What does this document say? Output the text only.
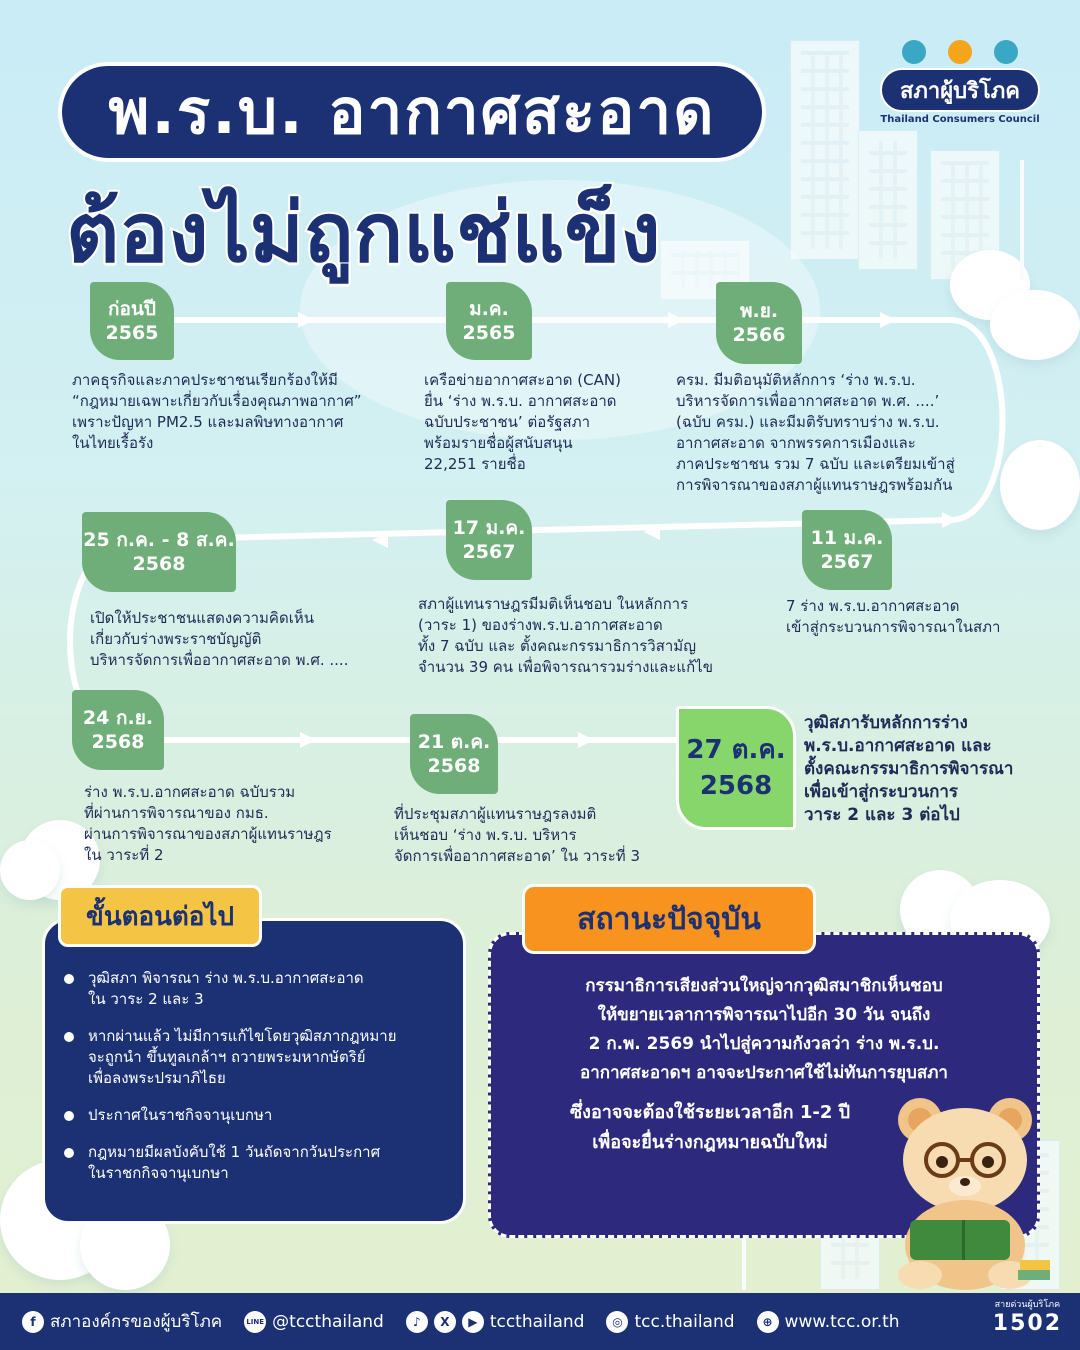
พ.ร.บ. อากาศสะอาด
ต้องไม่ถูกแช่แข็ง
สภาผู้บริโภค
Thailand Consumers Council
ก่อนปี
2565
ภาคธุรกิจและภาคประชาชนเรียกร้องให้มี
“กฎหมายเฉพาะเกี่ยวกับเรื่องคุณภาพอากาศ”
เพราะปัญหา PM2.5 และมลพิษทางอากาศ
ในไทยเรื้อรัง
ม.ค.
2565
เครือข่ายอากาศสะอาด (CAN)
ยื่น ‘ร่าง พ.ร.บ. อากาศสะอาด
ฉบับประชาชน’ ต่อรัฐสภา
พร้อมรายชื่อผู้สนับสนุน
22,251 รายชื่อ
พ.ย.
2566
ครม. มีมติอนุมัติหลักการ ‘ร่าง พ.ร.บ.
บริหารจัดการเพื่ออากาศสะอาด พ.ศ. ....’
(ฉบับ ครม.) และมีมติรับทราบร่าง พ.ร.บ.
อากาศสะอาด จากพรรคการเมืองและ
ภาคประชาชน รวม 7 ฉบับ และเตรียมเข้าสู่
การพิจารณาของสภาผู้แทนราษฎรพร้อมกัน
11 ม.ค.
2567
7 ร่าง พ.ร.บ.อากาศสะอาด
เข้าสู่กระบวนการพิจารณาในสภา
17 ม.ค.
2567
สภาผู้แทนราษฎรมีมติเห็นชอบ ในหลักการ
(วาระ 1) ของร่างพ.ร.บ.อากาศสะอาด
ทั้ง 7 ฉบับ และ ตั้งคณะกรรมาธิการวิสามัญ
จำนวน 39 คน เพื่อพิจารณารวมร่างและแก้ไข
25 ก.ค. - 8 ส.ค.
2568
เปิดให้ประชาชนแสดงความคิดเห็น
เกี่ยวกับร่างพระราชบัญญัติ
บริหารจัดการเพื่ออากาศสะอาด พ.ศ. ....
24 ก.ย.
2568
ร่าง พ.ร.บ.อากศสะอาด ฉบับรวม
ที่ผ่านการพิจารณาของ กมธ.
ผ่านการพิจารณาของสภาผู้แทนราษฎร
ใน วาระที่ 2
21 ต.ค.
2568
ที่ประชุมสภาผู้แทนราษฎรลงมติ
เห็นชอบ ‘ร่าง พ.ร.บ. บริหาร
จัดการเพื่ออากาศสะอาด’ ใน วาระที่ 3
27 ต.ค.
2568
วุฒิสภารับหลักการร่าง
พ.ร.บ.อากาศสะอาด และ
ตั้งคณะกรรมาธิการพิจารณา
เพื่อเข้าสู่กระบวนการ
วาระ 2 และ 3 ต่อไป
ขั้นตอนต่อไป
วุฒิสภา พิจารณา ร่าง พ.ร.บ.อากาศสะอาด
ใน วาระ 2 และ 3
หากผ่านแล้ว ไม่มีการแก้ไขโดยวุฒิสภากฎหมาย
จะถูกนำ ขึ้นทูลเกล้าฯ ถวายพระมหากษัตริย์
เพื่อลงพระปรมาภิไธย
ประกาศในราชกิจจานุเบกษา
กฎหมายมีผลบังคับใช้ 1 วันถัดจากวันประกาศ
ในราชกกิจจานุเบกษา
สถานะปัจจุบัน
กรรมาธิการเสียงส่วนใหญ่จากวุฒิสมาชิกเห็นชอบ
ให้ขยายเวลาการพิจารณาไปอีก 30 วัน จนถึง
2 ก.พ. 2569 นำไปสู่ความกังวลว่า ร่าง พ.ร.บ.
อากาศสะอาดฯ อาจจะประกาศใช้ไม่ทันการยุบสภา
ซึ่งอาจจะต้องใช้ระยะเวลาอีก 1-2 ปี
เพื่อจะยื่นร่างกฎหมายฉบับใหม่
f สภาองค์กรของผู้บริโภค	LINE @tccthailand	♪	X	▶ tccthailand	◎ tcc.thailand	⊕ www.tcc.or.th
สายด่วนผู้บริโภค
1502
